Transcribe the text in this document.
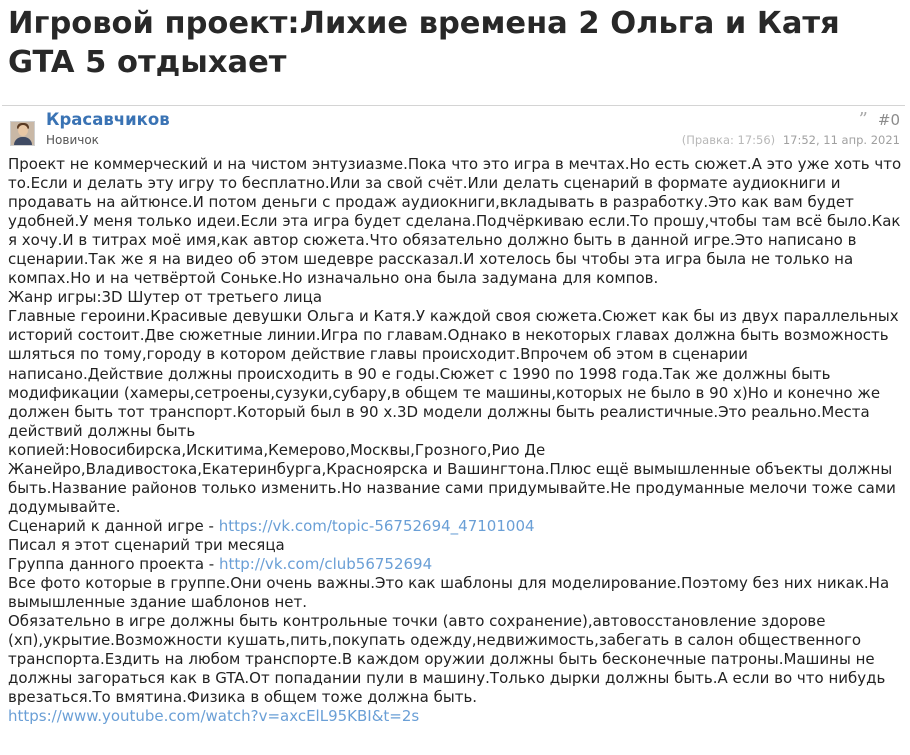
Игровой проект:Лихие времена 2 Ольга и Катя GTA 5 отдыхает
Красавчиков
Новичок
” #0
(Правка: 17:56) 17:52, 11 апр. 2021

Проект не коммерческий и на чистом энтузиазме.Пока что это игра в мечтах.Но есть сюжет.А это уже хоть что то.Если и делать эту игру то бесплатно.Или за свой счёт.Или делать сценарий в формате аудиокниги и продавать на айтюнсе.И потом деньги с продаж аудиокниги,вкладывать в разработку.Это как вам будет удобней.У меня только идеи.Если эта игра будет сделана.Подчёркиваю если.То прошу,чтобы там всё было.Как я хочу.И в титрах моё имя,как автор сюжета.Что обязательно должно быть в данной игре.Это написано в сценарии.Так же я на видео об этом шедевре рассказал.И хотелось бы чтобы эта игра была не только на компах.Но и на четвёртой Соньке.Но изначально она была задумана для компов.

Жанр игры:3D Шутер от третьего лица

Главные героини.Красивые девушки Ольга и Катя.У каждой своя сюжета.Сюжет как бы из двух параллельных историй состоит.Две сюжетные линии.Игра по главам.Однако в некоторых главах должна быть возможность шляться по тому,городу в котором действие главы происходит.Впрочем об этом в сценарии написано.Действие должны происходить в 90 е годы.Сюжет с 1990 по 1998 года.Так же должны быть модификации (хамеры,сетроены,сузуки,субару,в общем те машины,которых не было в 90 х)Но и конечно же должен быть тот транспорт.Который был в 90 х.3D модели должны быть реалистичные.Это реально.Места действий должны быть

копией:Новосибирска,Искитима,Кемерово,Москвы,Грозного,Рио Де Жанейро,Владивостока,Екатеринбурга,Красноярска и Вашингтона.Плюс ещё вымышленные объекты должны быть.Название районов только изменить.Но название сами придумывайте.Не продуманные мелочи тоже сами додумывайте.

Сценарий к данной игре - https://vk.com/topic-56752694_47101004

Писал я этот сценарий три месяца

Группа данного проекта - http://vk.com/club56752694

Все фото которые в группе.Они очень важны.Это как шаблоны для моделирование.Поэтому без них никак.На вымышленные здание шаблонов нет.

Обязательно в игре должны быть контрольные точки (авто сохранение),автовосстановление здорове (хп),укрытие.Возможности кушать,пить,покупать одежду,недвижимость,забегать в салон общественного транспорта.Ездить на любом транспорте.В каждом оружии должны быть бесконечные патроны.Машины не должны загораться как в GTA.От попадании пули в машину.Только дырки должны быть.А если во что нибудь врезаться.То вмятина.Физика в общем тоже должна быть.

https://www.youtube.com/watch?v=axcElL95KBI&t=2s
